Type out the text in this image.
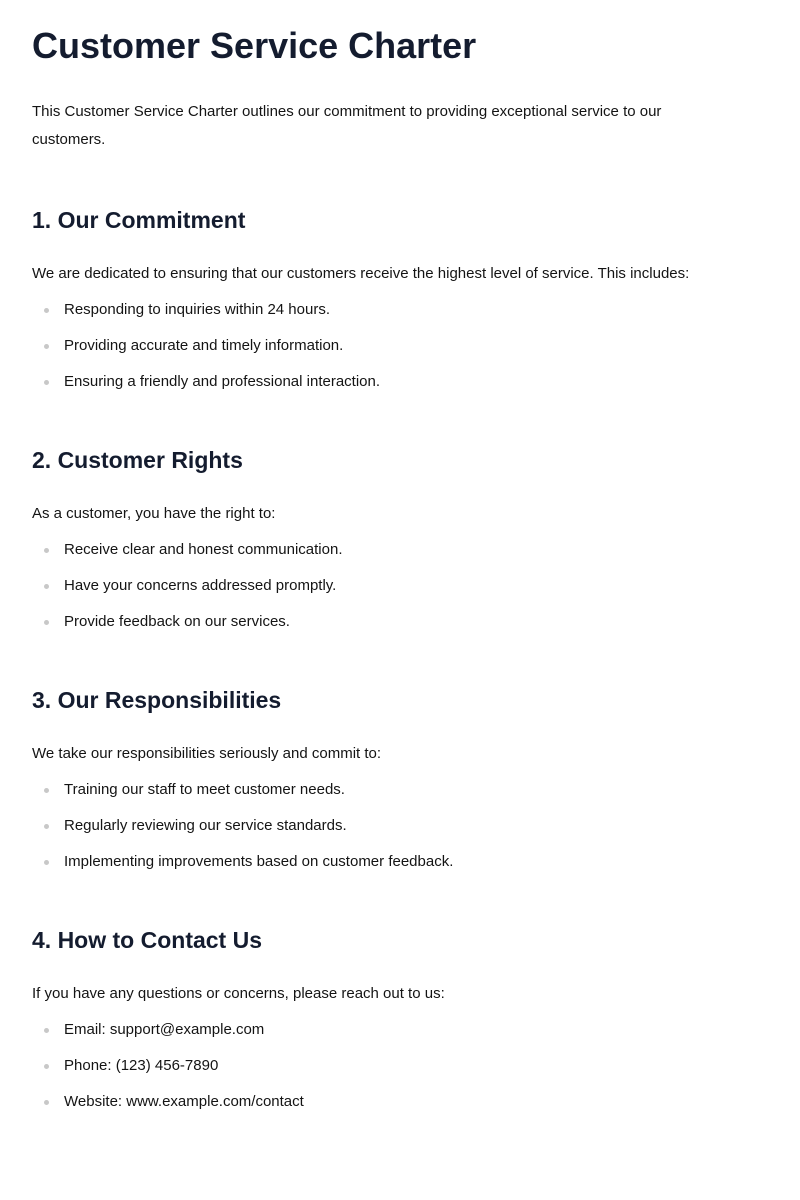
Customer Service Charter

This Customer Service Charter outlines our commitment to providing exceptional service to our customers.

1. Our Commitment

We are dedicated to ensuring that our customers receive the highest level of service. This includes:

Responding to inquiries within 24 hours.
Providing accurate and timely information.
Ensuring a friendly and professional interaction.
2. Customer Rights

As a customer, you have the right to:

Receive clear and honest communication.
Have your concerns addressed promptly.
Provide feedback on our services.
3. Our Responsibilities

We take our responsibilities seriously and commit to:

Training our staff to meet customer needs.
Regularly reviewing our service standards.
Implementing improvements based on customer feedback.
4. How to Contact Us

If you have any questions or concerns, please reach out to us:

Email: support@example.com
Phone: (123) 456-7890
Website: www.example.com/contact
